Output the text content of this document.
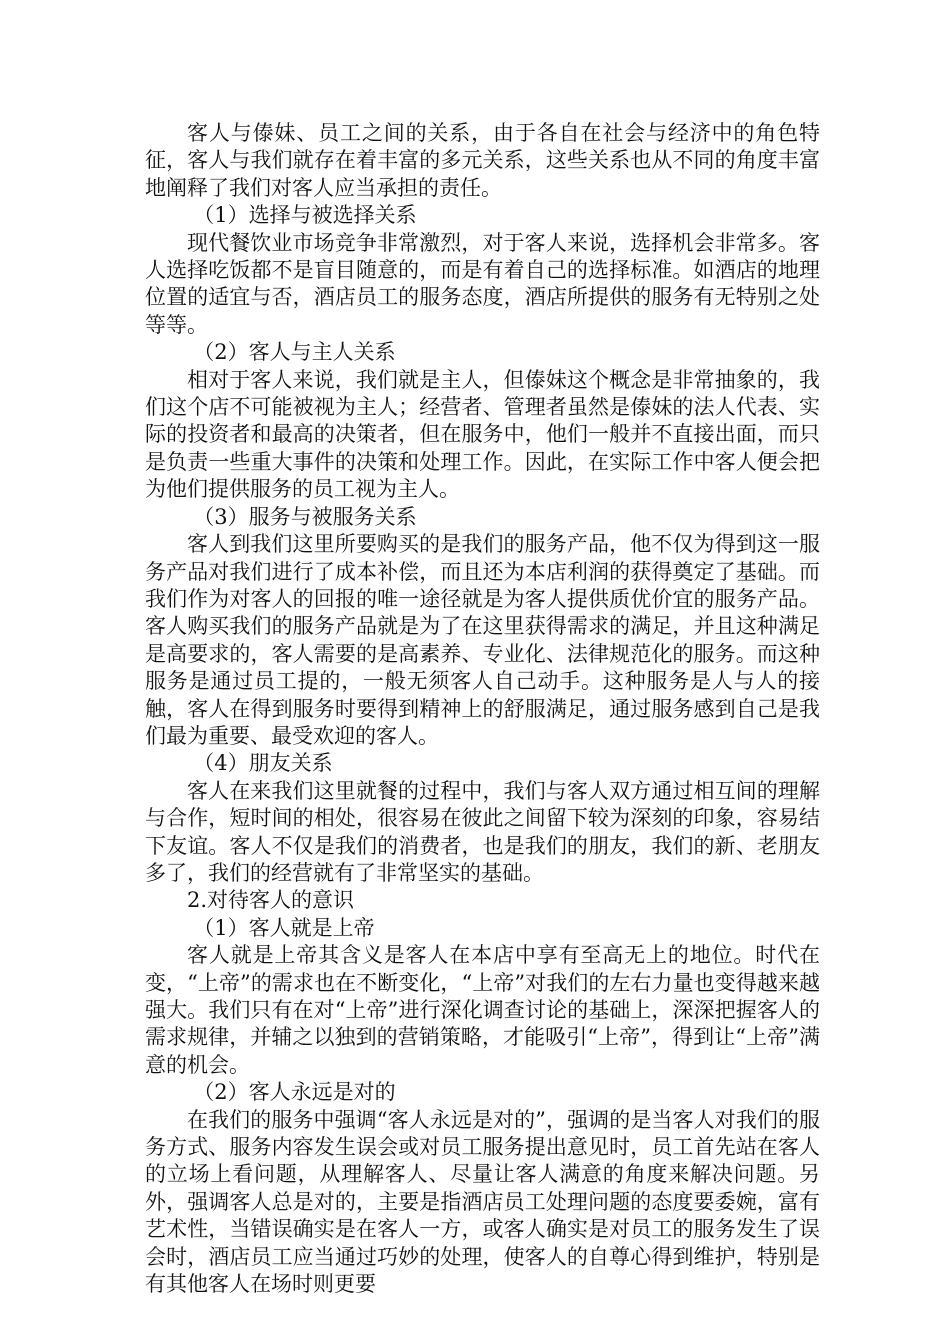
客人与傣妹、员工之间的关系，由于各自在社会与经济中的角色特征，客人与我们就存在着丰富的多元关系，这些关系也从不同的角度丰富地阐释了我们对客人应当承担的责任。

（1）选择与被选择关系

现代餐饮业市场竞争非常激烈，对于客人来说，选择机会非常多。客人选择吃饭都不是盲目随意的，而是有着自己的选择标准。如酒店的地理位置的适宜与否，酒店员工的服务态度，酒店所提供的服务有无特别之处等等。

（2）客人与主人关系

相对于客人来说，我们就是主人，但傣妹这个概念是非常抽象的，我们这个店不可能被视为主人；经营者、管理者虽然是傣妹的法人代表、实际的投资者和最高的决策者，但在服务中，他们一般并不直接出面，而只是负责一些重大事件的决策和处理工作。因此，在实际工作中客人便会把为他们提供服务的员工视为主人。

（3）服务与被服务关系

客人到我们这里所要购买的是我们的服务产品，他不仅为得到这一服务产品对我们进行了成本补偿，而且还为本店利润的获得奠定了基础。而我们作为对客人的回报的唯一途径就是为客人提供质优价宜的服务产品。客人购买我们的服务产品就是为了在这里获得需求的满足，并且这种满足是高要求的，客人需要的是高素养、专业化、法律规范化的服务。而这种服务是通过员工提的，一般无须客人自己动手。这种服务是人与人的接触，客人在得到服务时要得到精神上的舒服满足，通过服务感到自己是我们最为重要、最受欢迎的客人。

（4）朋友关系

客人在来我们这里就餐的过程中，我们与客人双方通过相互间的理解与合作，短时间的相处，很容易在彼此之间留下较为深刻的印象，容易结下友谊。客人不仅是我们的消费者，也是我们的朋友，我们的新、老朋友多了，我们的经营就有了非常坚实的基础。

2.对待客人的意识

（1）客人就是上帝

客人就是上帝其含义是客人在本店中享有至高无上的地位。时代在变，“上帝”的需求也在不断变化，“上帝”对我们的左右力量也变得越来越强大。我们只有在对“上帝”进行深化调查讨论的基础上，深深把握客人的需求规律，并辅之以独到的营销策略，才能吸引“上帝”，得到让“上帝”满意的机会。

（2）客人永远是对的

在我们的服务中强调“客人永远是对的”，强调的是当客人对我们的服务方式、服务内容发生误会或对员工服务提出意见时，员工首先站在客人的立场上看问题，从理解客人、尽量让客人满意的角度来解决问题。另外，强调客人总是对的，主要是指酒店员工处理问题的态度要委婉，富有艺术性，当错误确实是在客人一方，或客人确实是对员工的服务发生了误会时，酒店员工应当通过巧妙的处理，使客人的自尊心得到维护，特别是有其他客人在场时则更要
